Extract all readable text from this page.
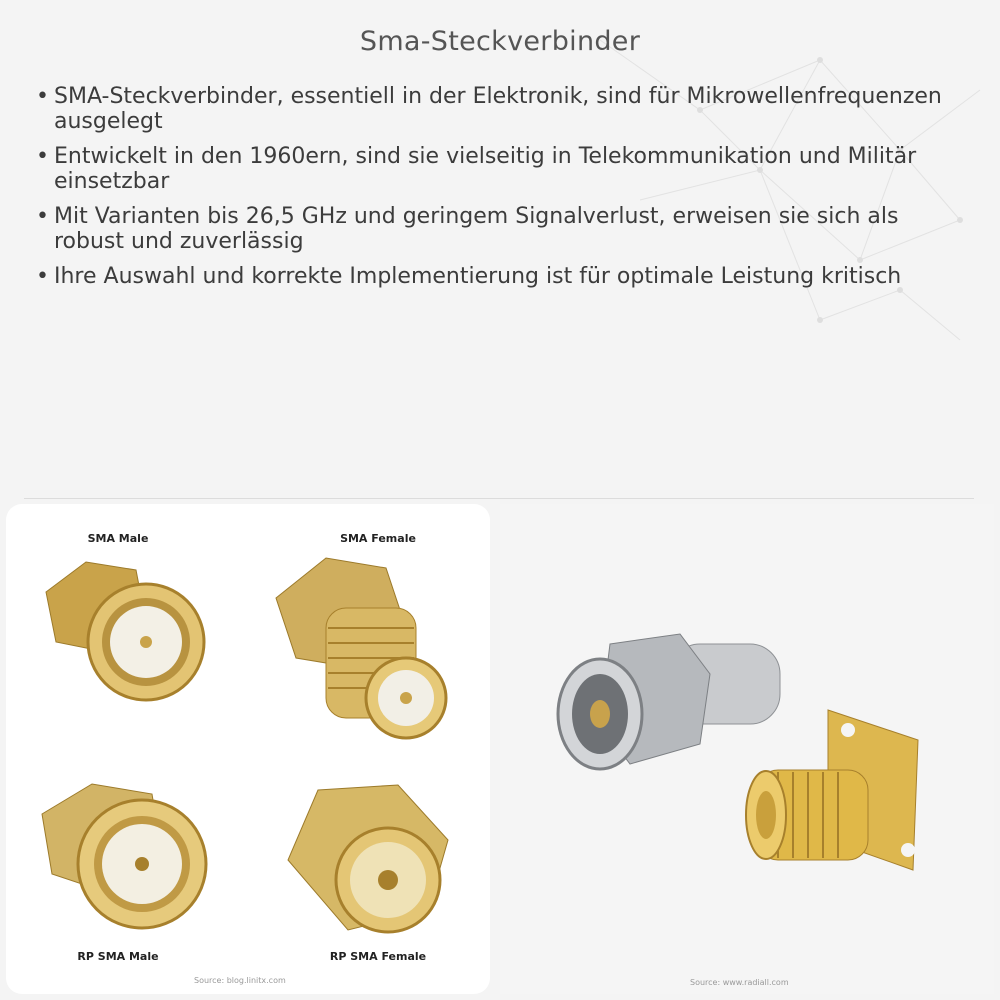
Sma-Steckverbinder
• SMA-Steckverbinder, essentiell in der Elektronik, sind für Mikrowellenfrequenzen ausgelegt
• Entwickelt in den 1960ern, sind sie vielseitig in Telekommunikation und Militär einsetzbar
• Mit Varianten bis 26,5 GHz und geringem Signalverlust, erweisen sie sich als robust und zuverlässig
• Ihre Auswahl und korrekte Implementierung ist für optimale Leistung kritisch
SMA Male	SMA Female
RP SMA Male	RP SMA Female
Source: blog.linitx.com	Source: www.radiall.com
